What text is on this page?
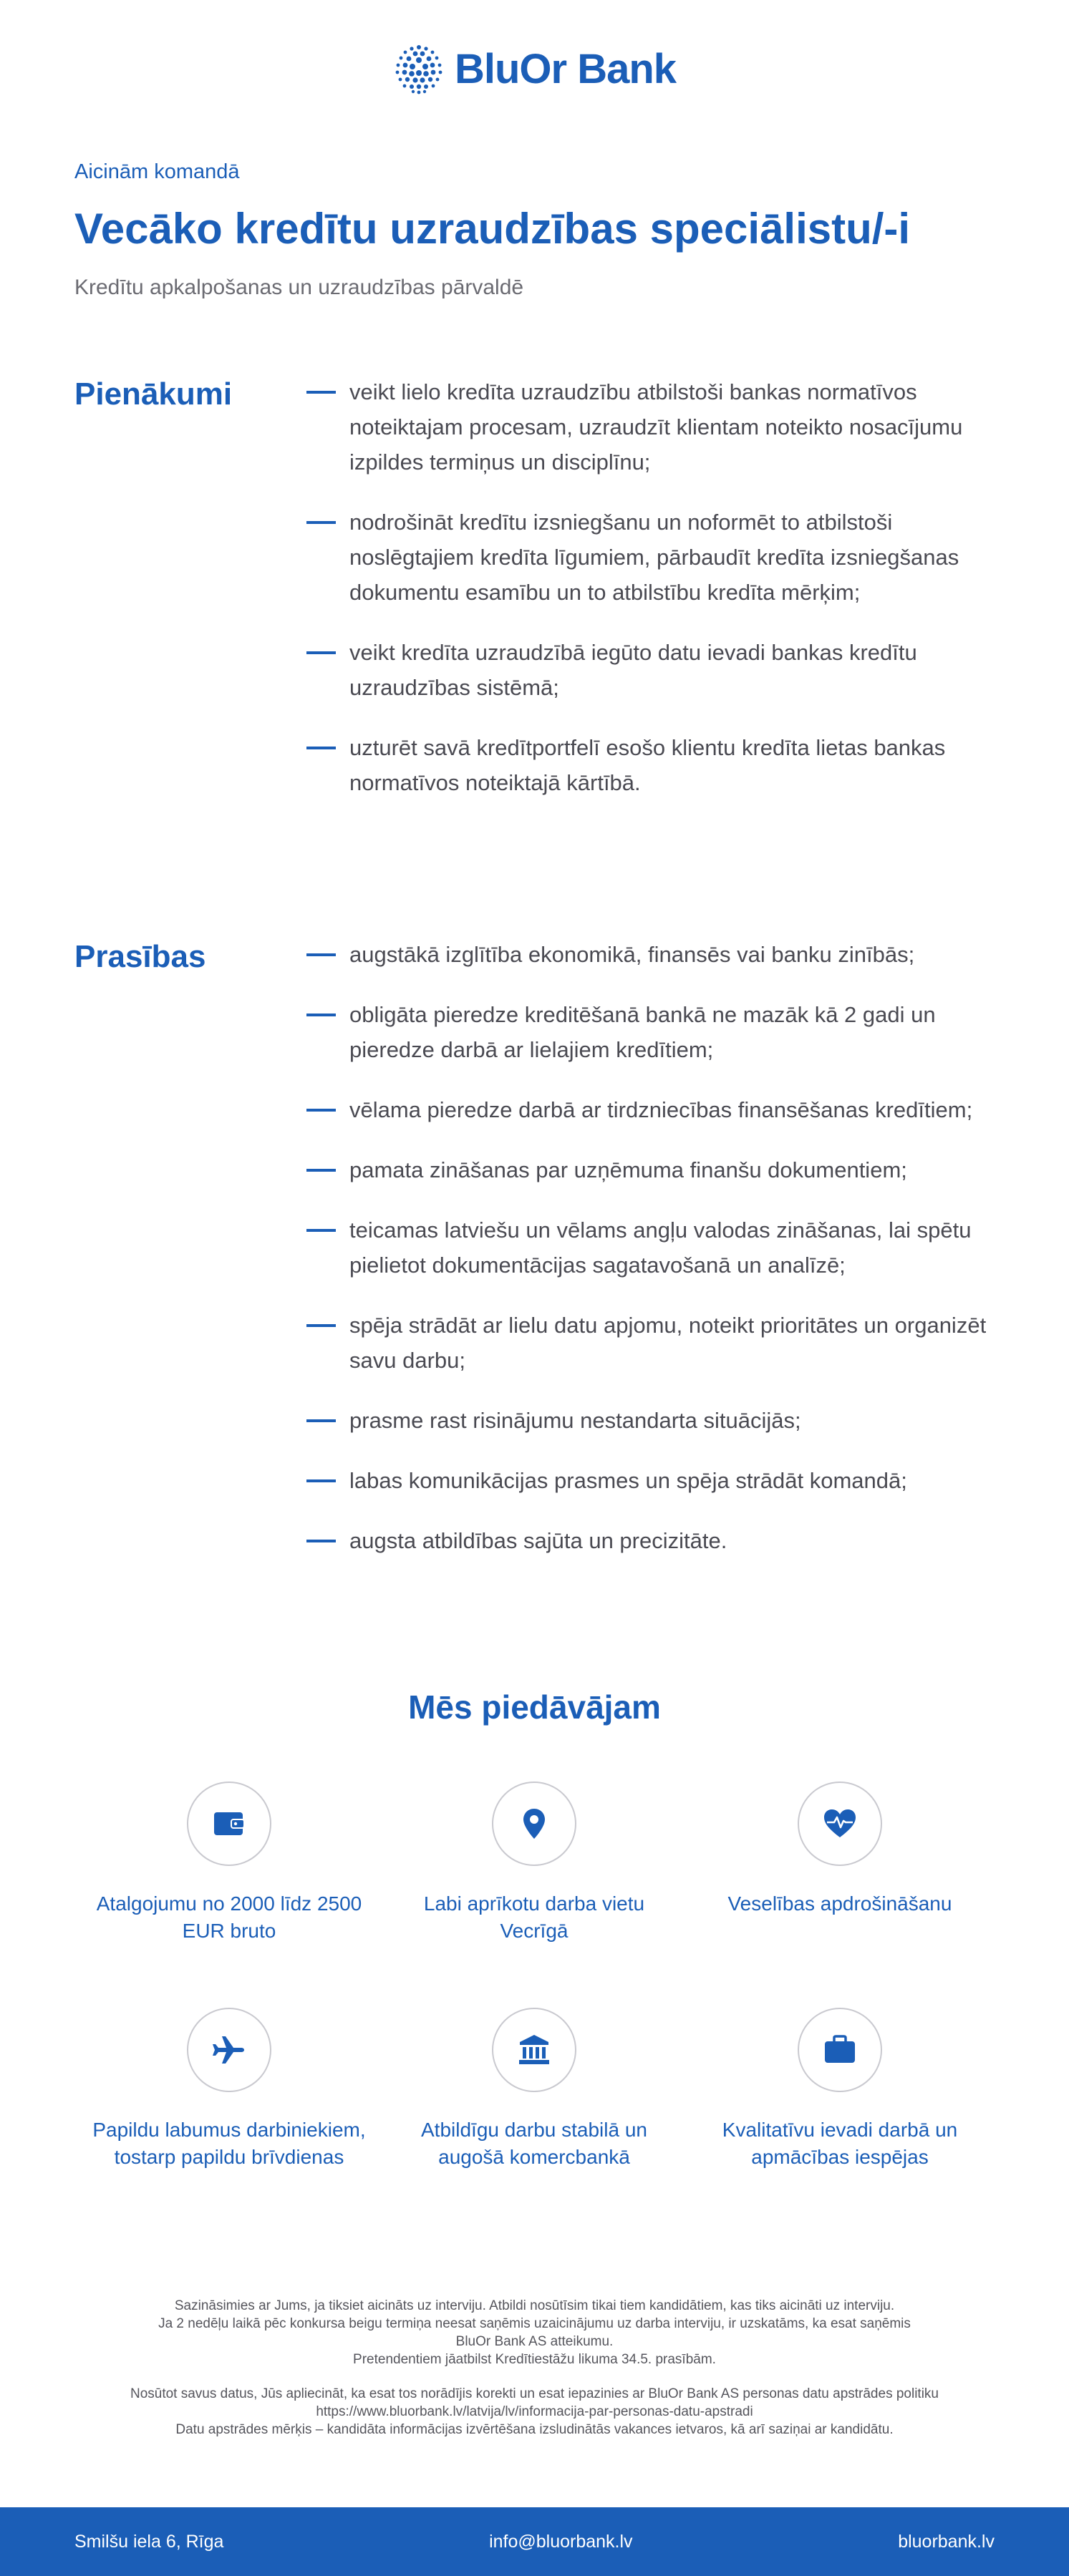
BluOr Bank
Aicinām komandā
Vecāko kredītu uzraudzības speciālistu/-i
Kredītu apkalpošanas un uzraudzības pārvaldē
Pienākumi	veikt lielo kredīta uzraudzību atbilstoši bankas normatīvos noteiktajam procesam, uzraudzīt klientam noteikto nosacījumu izpildes termiņus un disciplīnu;
nodrošināt kredītu izsniegšanu un noformēt to atbilstoši noslēgtajiem kredīta līgumiem, pārbaudīt kredīta izsniegšanas dokumentu esamību un to atbilstību kredīta mērķim;
veikt kredīta uzraudzībā iegūto datu ievadi bankas kredītu uzraudzības sistēmā;
uzturēt savā kredītportfelī esošo klientu kredīta lietas bankas normatīvos noteiktajā kārtībā.
Prasības	augstākā izglītība ekonomikā, finansēs vai banku zinībās;
obligāta pieredze kreditēšanā bankā ne mazāk kā 2 gadi un pieredze darbā ar lielajiem kredītiem;
vēlama pieredze darbā ar tirdzniecības finansēšanas kredītiem;
pamata zināšanas par uzņēmuma finanšu dokumentiem;
teicamas latviešu un vēlams angļu valodas zināšanas, lai spētu pielietot dokumentācijas sagatavošanā un analīzē;
spēja strādāt ar lielu datu apjomu, noteikt prioritātes un organizēt savu darbu;
prasme rast risinājumu nestandarta situācijās;
labas komunikācijas prasmes un spēja strādāt komandā;
augsta atbildības sajūta un precizitāte.
Mēs piedāvājam
Atalgojumu no 2000 līdz 2500 EUR bruto
Labi aprīkotu darba vietu Vecrīgā
Veselības apdrošināšanu
Papildu labumus darbiniekiem, tostarp papildu brīvdienas
Atbildīgu darbu stabilā un augošā komercbankā
Kvalitatīvu ievadi darbā un apmācības iespējas

Sazināsimies ar Jums, ja tiksiet aicināts uz interviju. Atbildi nosūtīsim tikai tiem kandidātiem, kas tiks aicināti uz interviju.

Ja 2 nedēļu laikā pēc konkursa beigu termiņa neesat saņēmis uzaicinājumu uz darba interviju, ir uzskatāms, ka esat saņēmis

BluOr Bank AS atteikumu.

Pretendentiem jāatbilst Kredītiestāžu likuma 34.5. prasībām.

Nosūtot savus datus, Jūs apliecināt, ka esat tos norādījis korekti un esat iepazinies ar BluOr Bank AS personas datu apstrādes politiku

https://www.bluorbank.lv/latvija/lv/informacija-par-personas-datu-apstradi

Datu apstrādes mērķis – kandidāta informācijas izvērtēšana izsludinātās vakances ietvaros, kā arī saziņai ar kandidātu.

Smilšu iela 6, Rīga	info@bluorbank.lv	bluorbank.lv
